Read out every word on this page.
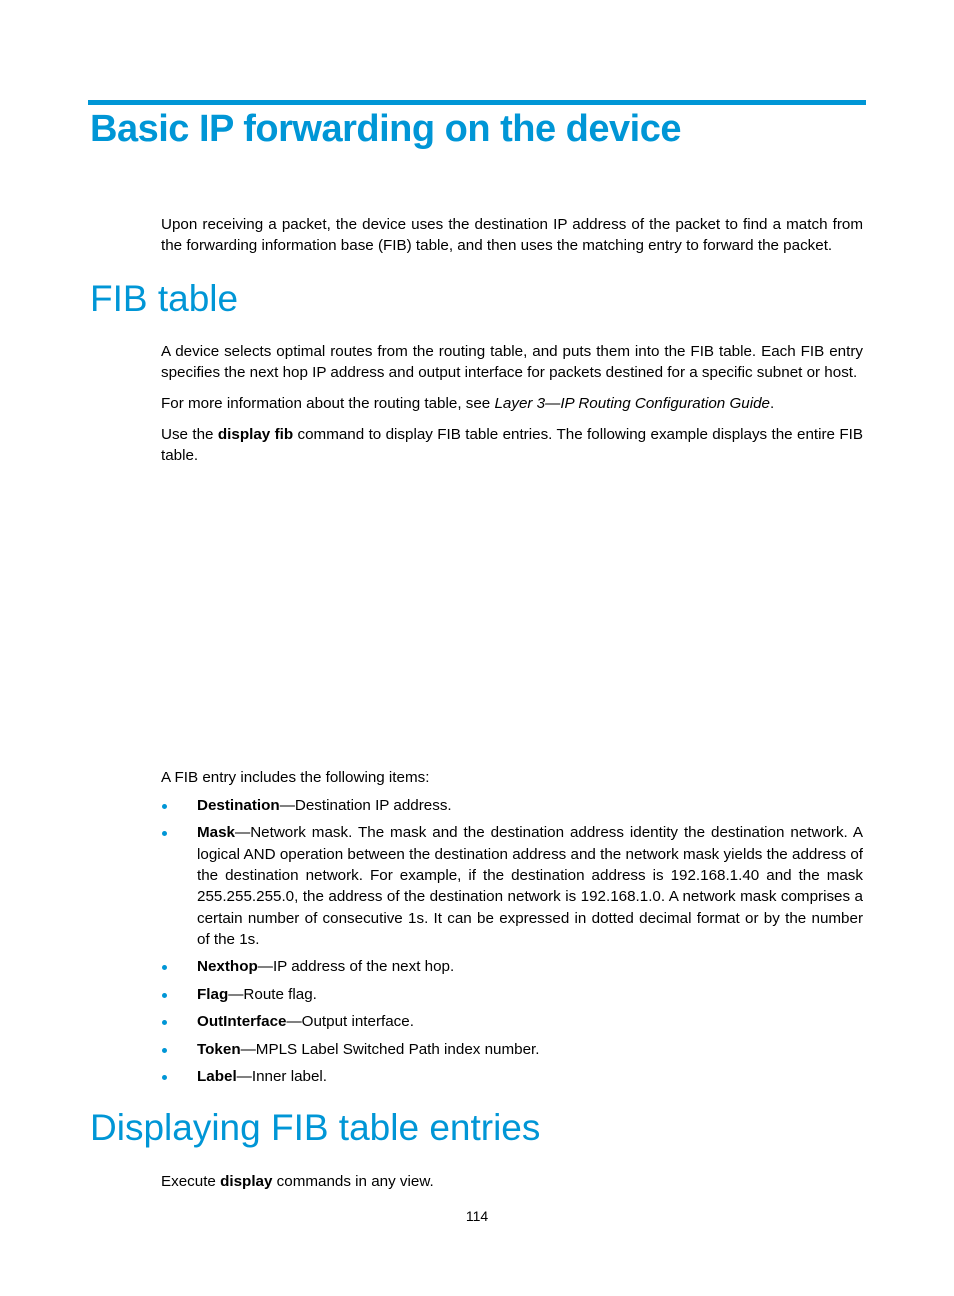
Basic IP forwarding on the device

Upon receiving a packet, the device uses the destination IP address of the packet to find a match from the forwarding information base (FIB) table, and then uses the matching entry to forward the packet.

FIB table

A device selects optimal routes from the routing table, and puts them into the FIB table. Each FIB entry specifies the next hop IP address and output interface for packets destined for a specific subnet or host.

For more information about the routing table, see Layer 3—IP Routing Configuration Guide.

Use the display fib command to display FIB table entries. The following example displays the entire FIB table.

A FIB entry includes the following items:

Destination—Destination IP address.
Mask—Network mask. The mask and the destination address identity the destination network. A logical AND operation between the destination address and the network mask yields the address of the destination network. For example, if the destination address is 192.168.1.40 and the mask 255.255.255.0, the address of the destination network is 192.168.1.0. A network mask comprises a certain number of consecutive 1s. It can be expressed in dotted decimal format or by the number of the 1s.
Nexthop—IP address of the next hop.
Flag—Route flag.
OutInterface—Output interface.
Token—MPLS Label Switched Path index number.
Label—Inner label.
Displaying FIB table entries

Execute display commands in any view.

114
